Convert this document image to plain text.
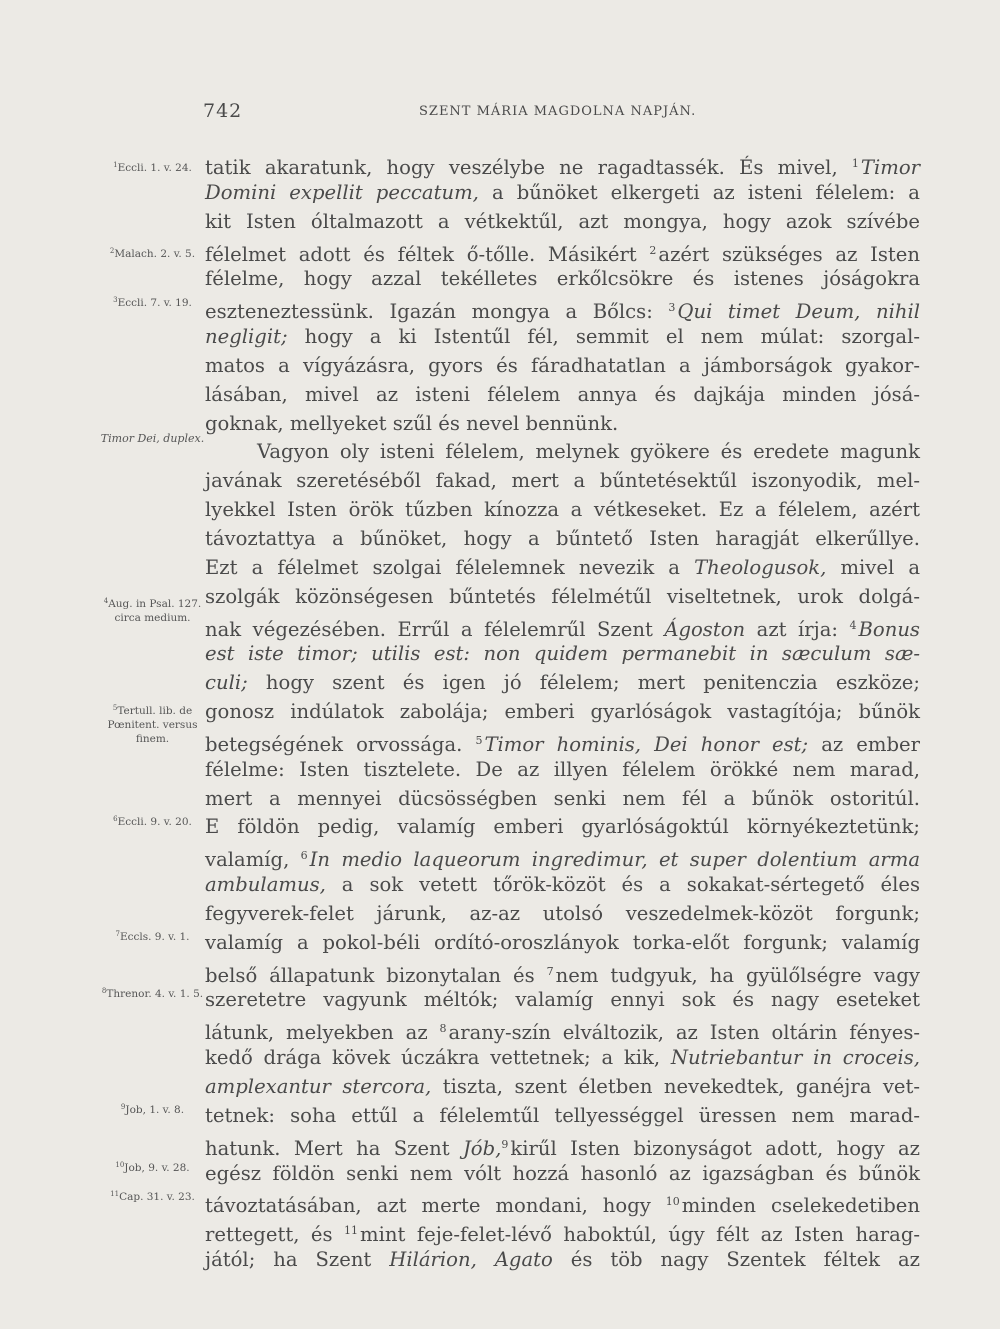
742	SZENT MÁRIA MAGDOLNA NAPJÁN.
$^1$Eccli. 1. v. 24.
$^2$Malach. 2. v. 5.
$^3$Eccli. 7. v. 19.
Timor Dei, duplex.
$^4$Aug. in Psal. 127. circa medium.
$^5$Tertull. lib. de Pœnitent. versus finem.
$^6$Eccli. 9. v. 20.
$^7$Eccls. 9. v. 1.
$^8$Threnor. 4. v. 1. 5.
$^9$Job, 1. v. 8.
$^{10}$Job, 9. v. 28.
$^{11}$Cap. 31. v. 23.
tatik akaratunk, hogy veszélybe ne ragadtassék. És mivel, $^1$ Timor
Domini expellit peccatum, a bűnöket elkergeti az isteni félelem: a
kit Isten óltalmazott a vétkektűl, azt mongya, hogy azok szívébe
félelmet adott és féltek ő-tőlle. Másikért $^2$ azért szükséges az Isten
félelme, hogy azzal tekélletes erkőlcsökre és istenes jóságokra
eszteneztessünk. Igazán mongya a Bőlcs: $^3$ Qui timet Deum, nihil
negligit; hogy a ki Istentűl fél, semmit el nem múlat: szorgal-
matos a vígyázásra, gyors és fáradhatatlan a jámborságok gyakor-
lásában, mivel az isteni félelem annya és dajkája minden jósá-
goknak, mellyeket szűl és nevel bennünk.
Vagyon oly isteni félelem, melynek gyökere és eredete magunk
javának szeretéséből fakad, mert a bűntetésektűl iszonyodik, mel-
lyekkel Isten örök tűzben kínozza a vétkeseket. Ez a félelem, azért
távoztattya a bűnöket, hogy a bűntető Isten haragját elkerűllye.
Ezt a félelmet szolgai félelemnek nevezik a Theologusok, mivel a
szolgák közönségesen bűntetés félelmétűl viseltetnek, urok dolgá-
nak végezésében. Errűl a félelemrűl Szent Ágoston azt írja: $^4$ Bonus
est iste timor; utilis est: non quidem permanebit in sæculum sæ-
culi; hogy szent és igen jó félelem; mert penitenczia eszköze;
gonosz indúlatok zabolája; emberi gyarlóságok vastagítója; bűnök
betegségének orvossága. $^5$ Timor hominis, Dei honor est; az ember
félelme: Isten tisztelete. De az illyen félelem örökké nem marad,
mert a mennyei dücsösségben senki nem fél a bűnök ostoritúl.
E földön pedig, valamíg emberi gyarlóságoktúl környékeztetünk;
valamíg, $^6$ In medio laqueorum ingredimur, et super dolentium arma
ambulamus, a sok vetett tőrök-közöt és a sokakat-sértegető éles
fegyverek-felet járunk, az-az utolsó veszedelmek-közöt forgunk;
valamíg a pokol-béli ordító-oroszlányok torka-előt forgunk; valamíg
belső állapatunk bizonytalan és $^7$ nem tudgyuk, ha gyülőlségre vagy
szeretetre vagyunk méltók; valamíg ennyi sok és nagy eseteket
látunk, melyekben az $^8$ arany-szín elváltozik, az Isten oltárin fényes-
kedő drága kövek úczákra vettetnek; a kik, Nutriebantur in croceis,
amplexantur stercora, tiszta, szent életben nevekedtek, ganéjra vet-
tetnek: soha ettűl a félelemtűl tellyességgel üressen nem marad-
hatunk. Mert ha Szent Jób,$^9$ kirűl Isten bizonyságot adott, hogy az
egész földön senki nem vólt hozzá hasonló az igazságban és bűnök
távoztatásában, azt merte mondani, hogy $^{10}$ minden cselekedetiben
rettegett, és $^{11}$ mint feje-felet-lévő haboktúl, úgy félt az Isten harag-
jától; ha Szent Hilárion, Agato és töb nagy Szentek féltek az
